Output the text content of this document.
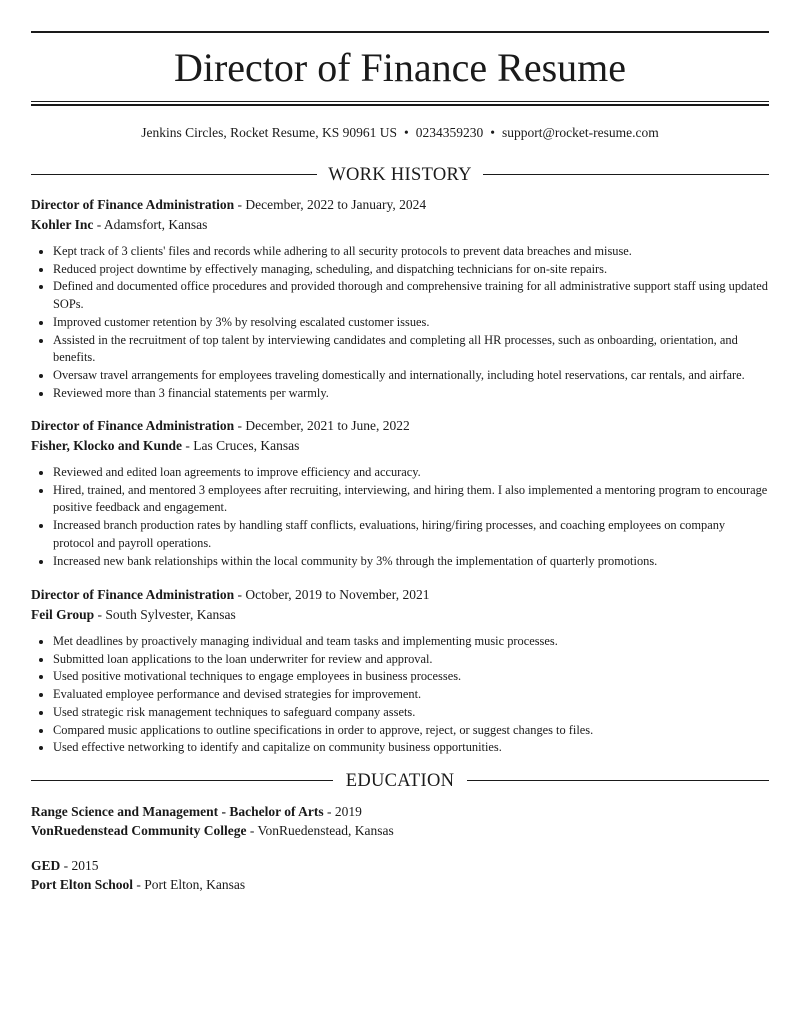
Director of Finance Resume
Jenkins Circles, Rocket Resume, KS 90961 US • 0234359230 • support@rocket-resume.com
WORK HISTORY
Director of Finance Administration - December, 2022 to January, 2024
Kohler Inc - Adamsfort, Kansas
• Kept track of 3 clients' files and records while adhering to all security protocols to prevent data breaches and misuse.
• Reduced project downtime by effectively managing, scheduling, and dispatching technicians for on-site repairs.
• Defined and documented office procedures and provided thorough and comprehensive training for all administrative support staff using updated SOPs.
• Improved customer retention by 3% by resolving escalated customer issues.
• Assisted in the recruitment of top talent by interviewing candidates and completing all HR processes, such as onboarding, orientation, and benefits.
• Oversaw travel arrangements for employees traveling domestically and internationally, including hotel reservations, car rentals, and airfare.
• Reviewed more than 3 financial statements per warmly.
Director of Finance Administration - December, 2021 to June, 2022
Fisher, Klocko and Kunde - Las Cruces, Kansas
• Reviewed and edited loan agreements to improve efficiency and accuracy.
• Hired, trained, and mentored 3 employees after recruiting, interviewing, and hiring them. I also implemented a mentoring program to encourage positive feedback and engagement.
• Increased branch production rates by handling staff conflicts, evaluations, hiring/firing processes, and coaching employees on company protocol and payroll operations.
• Increased new bank relationships within the local community by 3% through the implementation of quarterly promotions.
Director of Finance Administration - October, 2019 to November, 2021
Feil Group - South Sylvester, Kansas
• Met deadlines by proactively managing individual and team tasks and implementing music processes.
• Submitted loan applications to the loan underwriter for review and approval.
• Used positive motivational techniques to engage employees in business processes.
• Evaluated employee performance and devised strategies for improvement.
• Used strategic risk management techniques to safeguard company assets.
• Compared music applications to outline specifications in order to approve, reject, or suggest changes to files.
• Used effective networking to identify and capitalize on community business opportunities.
EDUCATION
Range Science and Management - Bachelor of Arts - 2019
VonRuedenstead Community College - VonRuedenstead, Kansas
GED - 2015
Port Elton School - Port Elton, Kansas
